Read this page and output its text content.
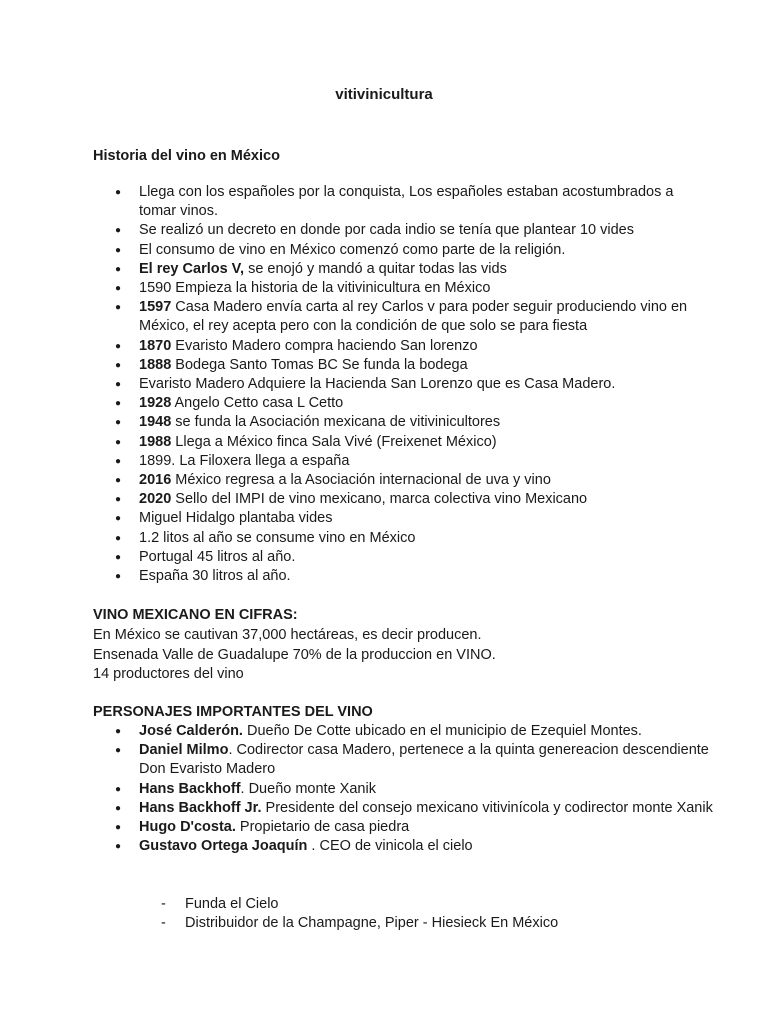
vitivinicultura
Historia del vino en México
● Llega con los españoles por la conquista, Los españoles estaban acostumbrados a tomar vinos.
● Se realizó un decreto en donde por cada indio se tenía que plantear 10 vides
● El consumo de vino en México comenzó como parte de la religión.
● El rey Carlos V, se enojó y mandó a quitar todas las vids
● 1590 Empieza la historia de la vitivinicultura en México
● 1597 Casa Madero envía carta al rey Carlos v para poder seguir produciendo vino en México, el rey acepta pero con la condición de que solo se para fiesta
● 1870 Evaristo Madero compra haciendo San lorenzo
● 1888 Bodega Santo Tomas BC Se funda la bodega
● Evaristo Madero Adquiere la Hacienda San Lorenzo que es Casa Madero.
● 1928 Angelo Cetto casa L Cetto
● 1948 se funda la Asociación mexicana de vitivinicultores
● 1988 Llega a México finca Sala Vivé (Freixenet México)
● 1899. La Filoxera llega a españa
● 2016 México regresa a la Asociación internacional de uva y vino
● 2020 Sello del IMPI de vino mexicano, marca colectiva vino Mexicano
● Miguel Hidalgo plantaba vides
● 1.2 litos al año se consume vino en México
● Portugal 45 litros al año.
● España 30 litros al año.
VINO MEXICANO EN CIFRAS:
En México se cautivan 37,000 hectáreas, es decir producen.
Ensenada Valle de Guadalupe 70% de la produccion en VINO.
14 productores del vino
PERSONAJES IMPORTANTES DEL VINO
● José Calderón. Dueño De Cotte ubicado en el municipio de Ezequiel Montes.
● Daniel Milmo. Codirector casa Madero, pertenece a la quinta genereacion descendiente Don Evaristo Madero
● Hans Backhoff. Dueño monte Xanik
● Hans Backhoff Jr. Presidente del consejo mexicano vitivinícola y codirector monte Xanik
● Hugo D'costa. Propietario de casa piedra
● Gustavo Ortega Joaquín . CEO de vinicola el cielo
- Funda el Cielo
- Distribuidor de la Champagne, Piper - Hiesieck En México
